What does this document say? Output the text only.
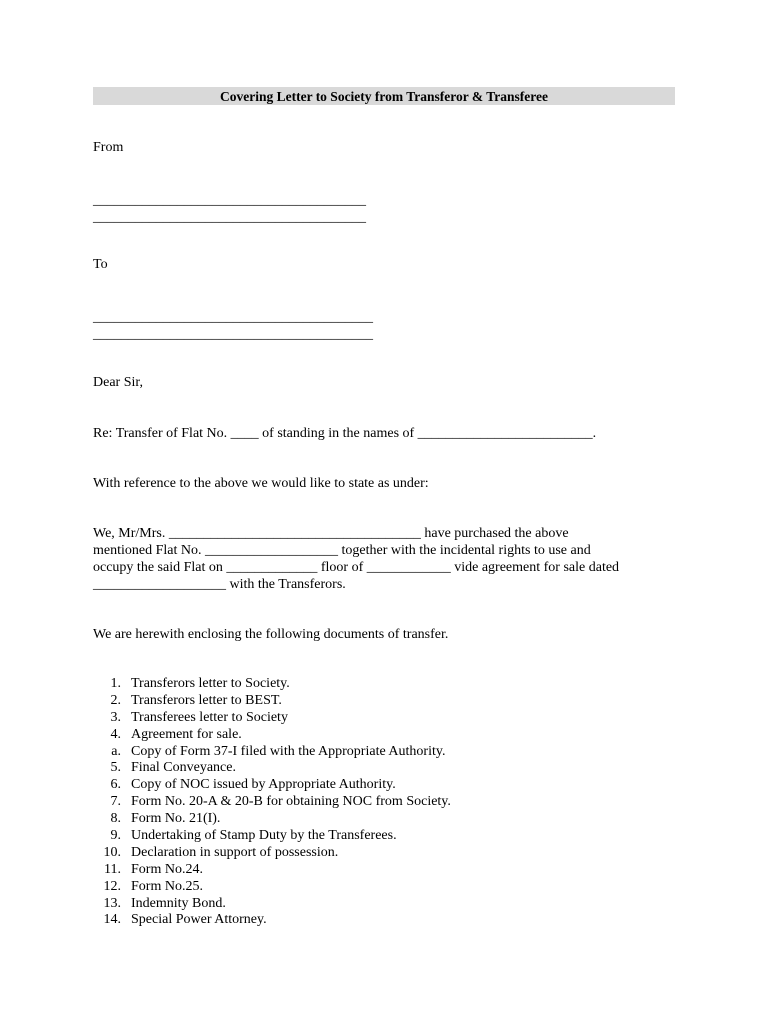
Covering Letter to Society from Transferor & Transferee
From
_______________________________________
_______________________________________
To
________________________________________
________________________________________
Dear Sir,
Re: Transfer of Flat No. ____ of standing in the names of _________________________.
With reference to the above we would like to state as under:
We, Mr/Mrs. ____________________________________ have purchased the above
mentioned Flat No. ___________________ together with the incidental rights to use and
occupy the said Flat on _____________ floor of ____________ vide agreement for sale dated
___________________ with the Transferors.
We are herewith enclosing the following documents of transfer.
1. Transferors letter to Society.
2. Transferors letter to BEST.
3. Transferees letter to Society
4. Agreement for sale.
a. Copy of Form 37-I filed with the Appropriate Authority.
5. Final Conveyance.
6. Copy of NOC issued by Appropriate Authority.
7. Form No. 20-A & 20-B for obtaining NOC from Society.
8. Form No. 21(I).
9. Undertaking of Stamp Duty by the Transferees.
10. Declaration in support of possession.
11. Form No.24.
12. Form No.25.
13. Indemnity Bond.
14. Special Power Attorney.
